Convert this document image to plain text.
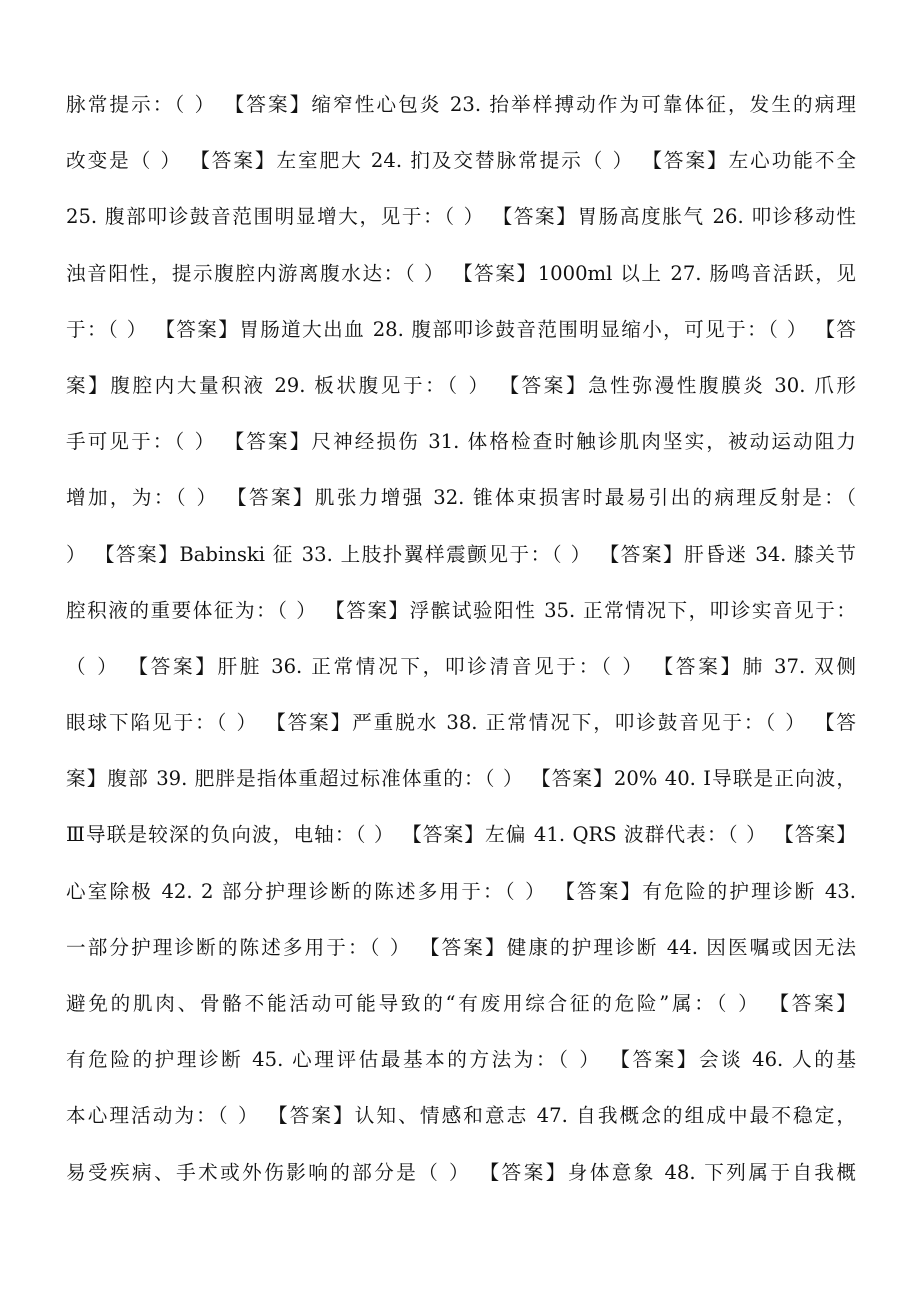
脉常提示：（ ） 【答案】缩窄性心包炎 23. 抬举样搏动作为可靠体征，发生的病理
改变是（ ） 【答案】左室肥大 24. 扪及交替脉常提示（ ） 【答案】左心功能不全
25. 腹部叩诊鼓音范围明显增大，见于：（ ） 【答案】胃肠高度胀气 26. 叩诊移动性
浊音阳性，提示腹腔内游离腹水达：（ ） 【答案】1000ml 以上 27. 肠鸣音活跃，见
于：（ ） 【答案】胃肠道大出血 28. 腹部叩诊鼓音范围明显缩小，可见于：（ ） 【答
案】腹腔内大量积液 29. 板状腹见于：（ ） 【答案】急性弥漫性腹膜炎 30. 爪形
手可见于：（ ） 【答案】尺神经损伤 31. 体格检查时触诊肌肉坚实，被动运动阻力
增加，为：（ ） 【答案】肌张力增强 32. 锥体束损害时最易引出的病理反射是：（
） 【答案】Babinski 征 33. 上肢扑翼样震颤见于：（ ） 【答案】肝昏迷 34. 膝关节
腔积液的重要体征为：（ ） 【答案】浮髌试验阳性 35. 正常情况下，叩诊实音见于：
（ ） 【答案】肝脏 36. 正常情况下，叩诊清音见于：（ ） 【答案】肺 37. 双侧
眼球下陷见于：（ ） 【答案】严重脱水 38. 正常情况下，叩诊鼓音见于：（ ） 【答
案】腹部 39. 肥胖是指体重超过标准体重的：（ ） 【答案】20% 40. Ⅰ导联是正向波，
Ⅲ导联是较深的负向波，电轴：（ ） 【答案】左偏 41. QRS 波群代表：（ ） 【答案】
心室除极 42. 2 部分护理诊断的陈述多用于：（ ） 【答案】有危险的护理诊断 43.
一部分护理诊断的陈述多用于：（ ） 【答案】健康的护理诊断 44. 因医嘱或因无法
避免的肌肉、骨骼不能活动可能导致的“有废用综合征的危险”属：（ ） 【答案】
有危险的护理诊断 45. 心理评估最基本的方法为：（ ） 【答案】会谈 46. 人的基
本心理活动为：（ ） 【答案】认知、情感和意志 47. 自我概念的组成中最不稳定，
易受疾病、手术或外伤影响的部分是（ ） 【答案】身体意象 48. 下列属于自我概
